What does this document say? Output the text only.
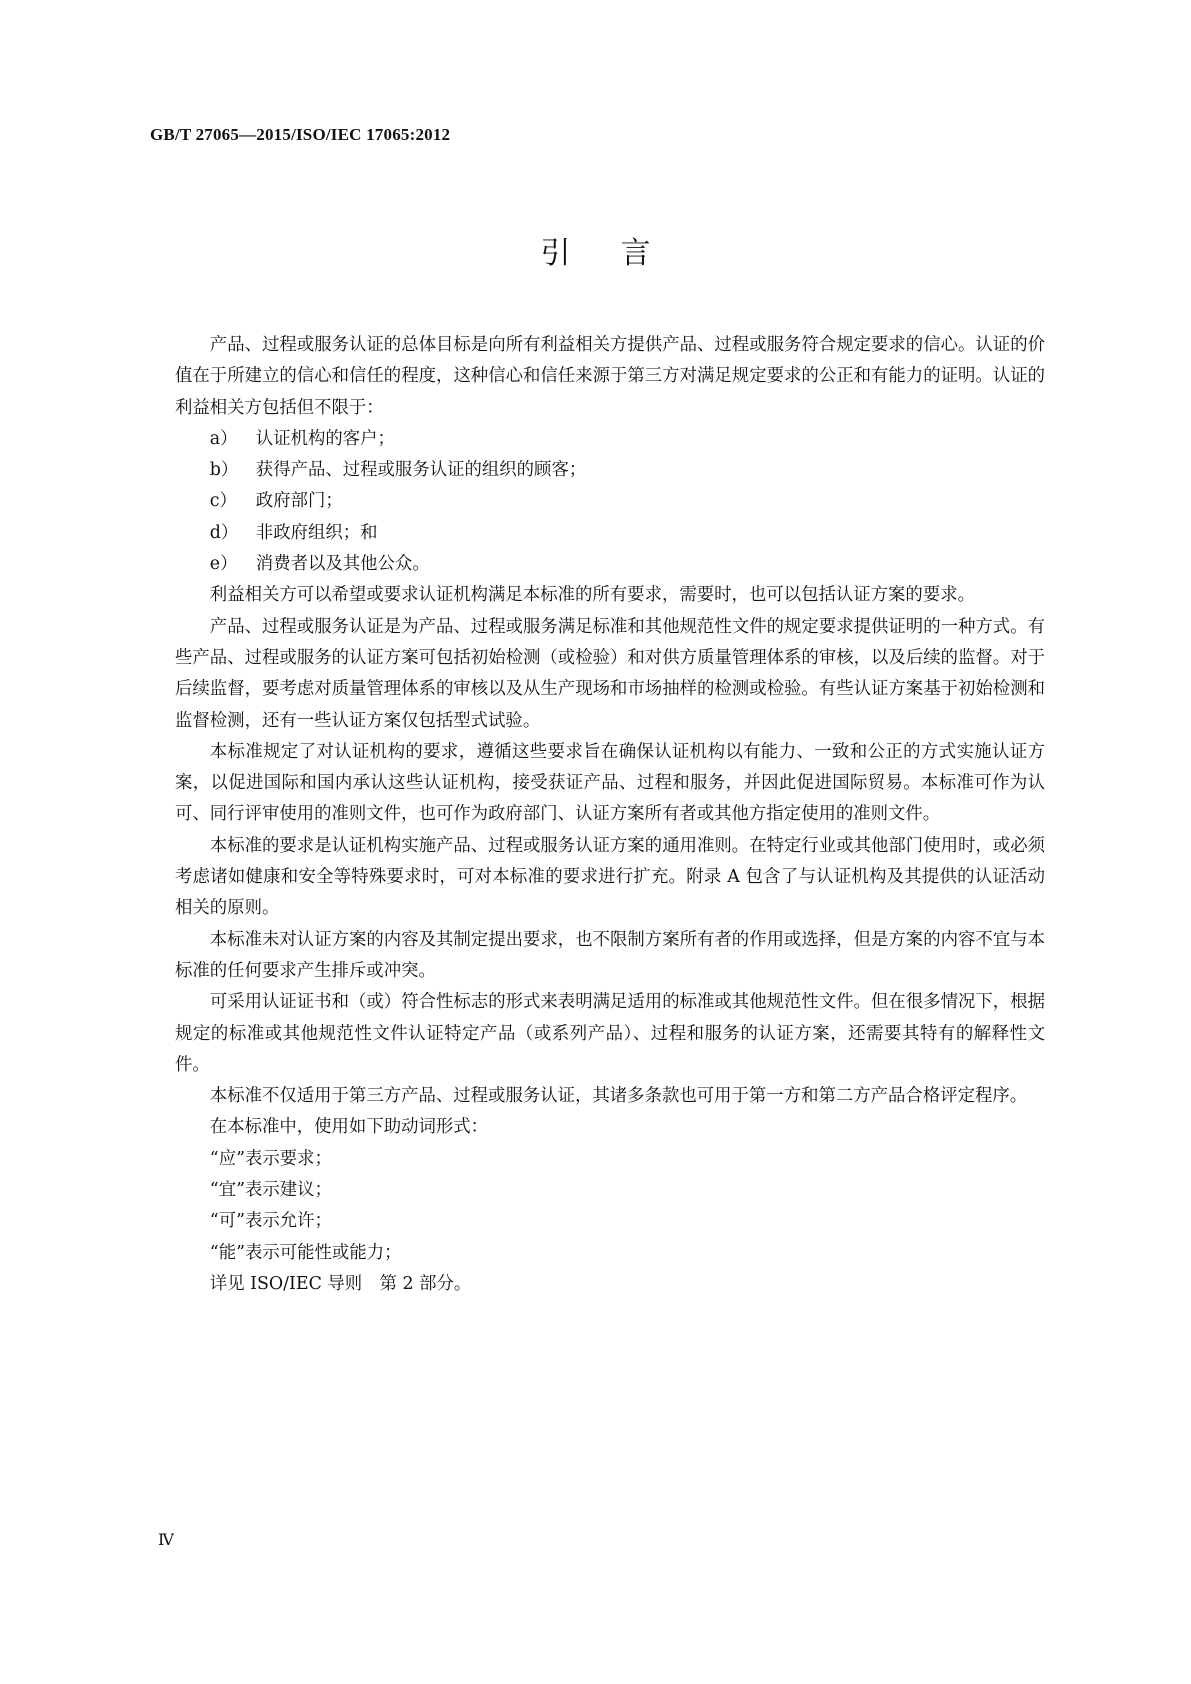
GB/T 27065—2015/ISO/IEC 17065:2012
引言

产品、过程或服务认证的总体目标是向所有利益相关方提供产品、过程或服务符合规定要求的信心。认证的价值在于所建立的信心和信任的程度，这种信心和信任来源于第三方对满足规定要求的公正和有能力的证明。认证的利益相关方包括但不限于：

a） 认证机构的客户；
b） 获得产品、过程或服务认证的组织的顾客；
c） 政府部门；
d） 非政府组织；和
e） 消费者以及其他公众。

利益相关方可以希望或要求认证机构满足本标准的所有要求，需要时，也可以包括认证方案的要求。

产品、过程或服务认证是为产品、过程或服务满足标准和其他规范性文件的规定要求提供证明的一种方式。有些产品、过程或服务的认证方案可包括初始检测（或检验）和对供方质量管理体系的审核，以及后续的监督。对于后续监督，要考虑对质量管理体系的审核以及从生产现场和市场抽样的检测或检验。有些认证方案基于初始检测和监督检测，还有一些认证方案仅包括型式试验。

本标准规定了对认证机构的要求，遵循这些要求旨在确保认证机构以有能力、一致和公正的方式实施认证方案，以促进国际和国内承认这些认证机构，接受获证产品、过程和服务，并因此促进国际贸易。本标准可作为认可、同行评审使用的准则文件，也可作为政府部门、认证方案所有者或其他方指定使用的准则文件。

本标准的要求是认证机构实施产品、过程或服务认证方案的通用准则。在特定行业或其他部门使用时，或必须考虑诸如健康和安全等特殊要求时，可对本标准的要求进行扩充。附录 A 包含了与认证机构及其提供的认证活动相关的原则。

本标准未对认证方案的内容及其制定提出要求，也不限制方案所有者的作用或选择，但是方案的内容不宜与本标准的任何要求产生排斥或冲突。

可采用认证证书和（或）符合性标志的形式来表明满足适用的标准或其他规范性文件。但在很多情况下，根据规定的标准或其他规范性文件认证特定产品（或系列产品）、过程和服务的认证方案，还需要其特有的解释性文件。

本标准不仅适用于第三方产品、过程或服务认证，其诸多条款也可用于第一方和第二方产品合格评定程序。

在本标准中，使用如下助动词形式：

“应”表示要求；
“宜”表示建议；
“可”表示允许；
“能”表示可能性或能力；
详见 ISO/IEC 导则　第 2 部分。
Ⅳ
